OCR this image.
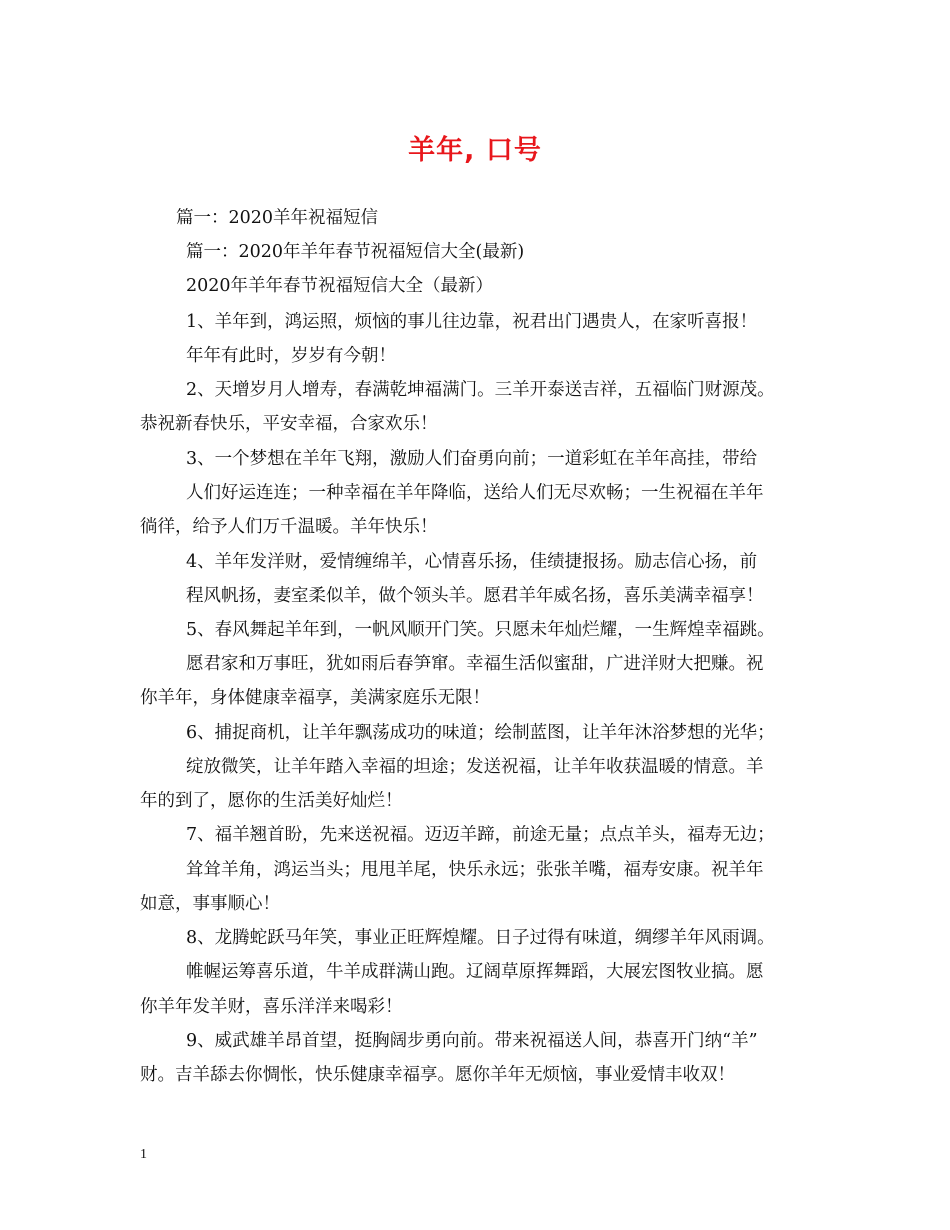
羊年, 口号
篇一：2020羊年祝福短信
篇一：2020年羊年春节祝福短信大全(最新)
2020年羊年春节祝福短信大全（最新）
1、羊年到，鸿运照，烦恼的事儿往边靠，祝君出门遇贵人，在家听喜报！
年年有此时，岁岁有今朝！
2、天增岁月人增寿，春满乾坤福满门。三羊开泰送吉祥，五福临门财源茂。
恭祝新春快乐，平安幸福，合家欢乐！
3、一个梦想在羊年飞翔，激励人们奋勇向前；一道彩虹在羊年高挂，带给
人们好运连连；一种幸福在羊年降临，送给人们无尽欢畅；一生祝福在羊年
徜徉，给予人们万千温暖。羊年快乐！
4、羊年发洋财，爱情缠绵羊，心情喜乐扬，佳绩捷报扬。励志信心扬，前
程风帆扬，妻室柔似羊，做个领头羊。愿君羊年威名扬，喜乐美满幸福享！
5、春风舞起羊年到，一帆风顺开门笑。只愿未年灿烂耀，一生辉煌幸福跳。
愿君家和万事旺，犹如雨后春笋窜。幸福生活似蜜甜，广进洋财大把赚。祝
你羊年，身体健康幸福享，美满家庭乐无限！
6、捕捉商机，让羊年飘荡成功的味道；绘制蓝图，让羊年沐浴梦想的光华；
绽放微笑，让羊年踏入幸福的坦途；发送祝福，让羊年收获温暖的情意。羊
年的到了，愿你的生活美好灿烂！
7、福羊翘首盼，先来送祝福。迈迈羊蹄，前途无量；点点羊头，福寿无边；
耸耸羊角，鸿运当头；甩甩羊尾，快乐永远；张张羊嘴，福寿安康。祝羊年
如意，事事顺心！
8、龙腾蛇跃马年笑，事业正旺辉煌耀。日子过得有味道，绸缪羊年风雨调。
帷幄运筹喜乐道，牛羊成群满山跑。辽阔草原挥舞蹈，大展宏图牧业搞。愿
你羊年发羊财，喜乐洋洋来喝彩！
9、威武雄羊昂首望，挺胸阔步勇向前。带来祝福送人间，恭喜开门纳“羊”
财。吉羊舔去你惆怅，快乐健康幸福享。愿你羊年无烦恼，事业爱情丰收双！
1
